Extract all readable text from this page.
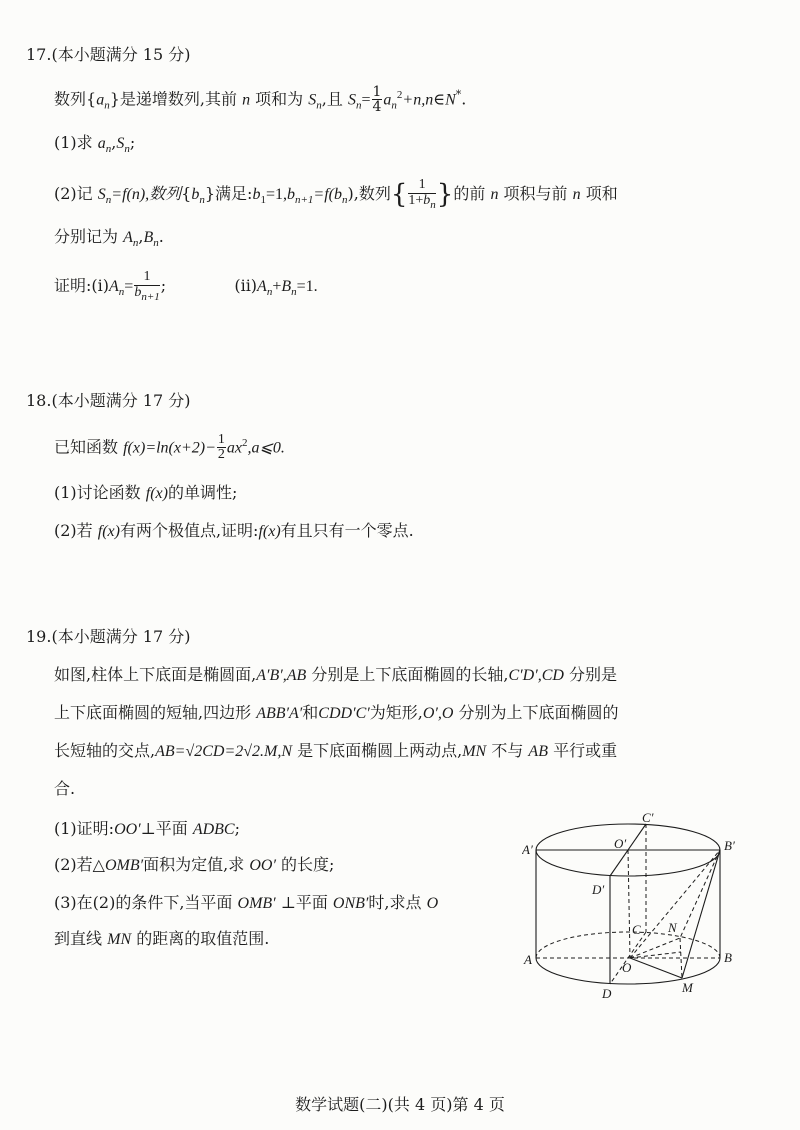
17.(本小题满分 15 分)
数列$\{a_n\}$是递增数列,其前 n 项和为 $S_n$,且 $S_n= \frac{1}{4}$ $a_n^2+n,n\in N^*$.
(1)求 $a_n,S_n$;
(2)记 $S_n=f(n)$,数列$\{b_n\}$满足$:b_1=1,b_{n+1}=f(b_n)$,数列{ $\frac{1}{1+b_n}$ }的前 n 项积与前 n 项和
分别记为 $A_n,B_n$.
证明$:(i)A_n= \frac{1}{b_{n+1}}$ ;	$(ii)A_n+B_n=1$.
18.(本小题满分 17 分)
已知函数 $f(x)=\ln(x+2)- \frac{1}{2}$ $ax^2,a⩽0$.
(1)讨论函数 f(x)的单调性;
(2)若 f(x)有两个极值点,证明:f(x)有且只有一个零点.
19.(本小题满分 17 分)
如图,柱体上下底面是椭圆面,A′B′,AB 分别是上下底面椭圆的长轴,C′D′,CD 分别是
上下底面椭圆的短轴,四边形 ABB′A′和CDD′C′为矩形,O′,O 分别为上下底面椭圆的
长短轴的交点,AB=√2CD=2√2.M,N 是下底面椭圆上两动点,MN 不与 AB 平行或重
合.
(1)证明:OO′⊥平面 ADBC;
(2)若△OMB′面积为定值,求 OO′ 的长度;
(3)在(2)的条件下,当平面 OMB′ ⊥平面 ONB′时,求点 O
到直线 MN 的距离的取值范围.
A′	B′
C′
O′
D′
A	B
C
D
O
N
M
数学试题(二)(共 4 页)第 4 页
